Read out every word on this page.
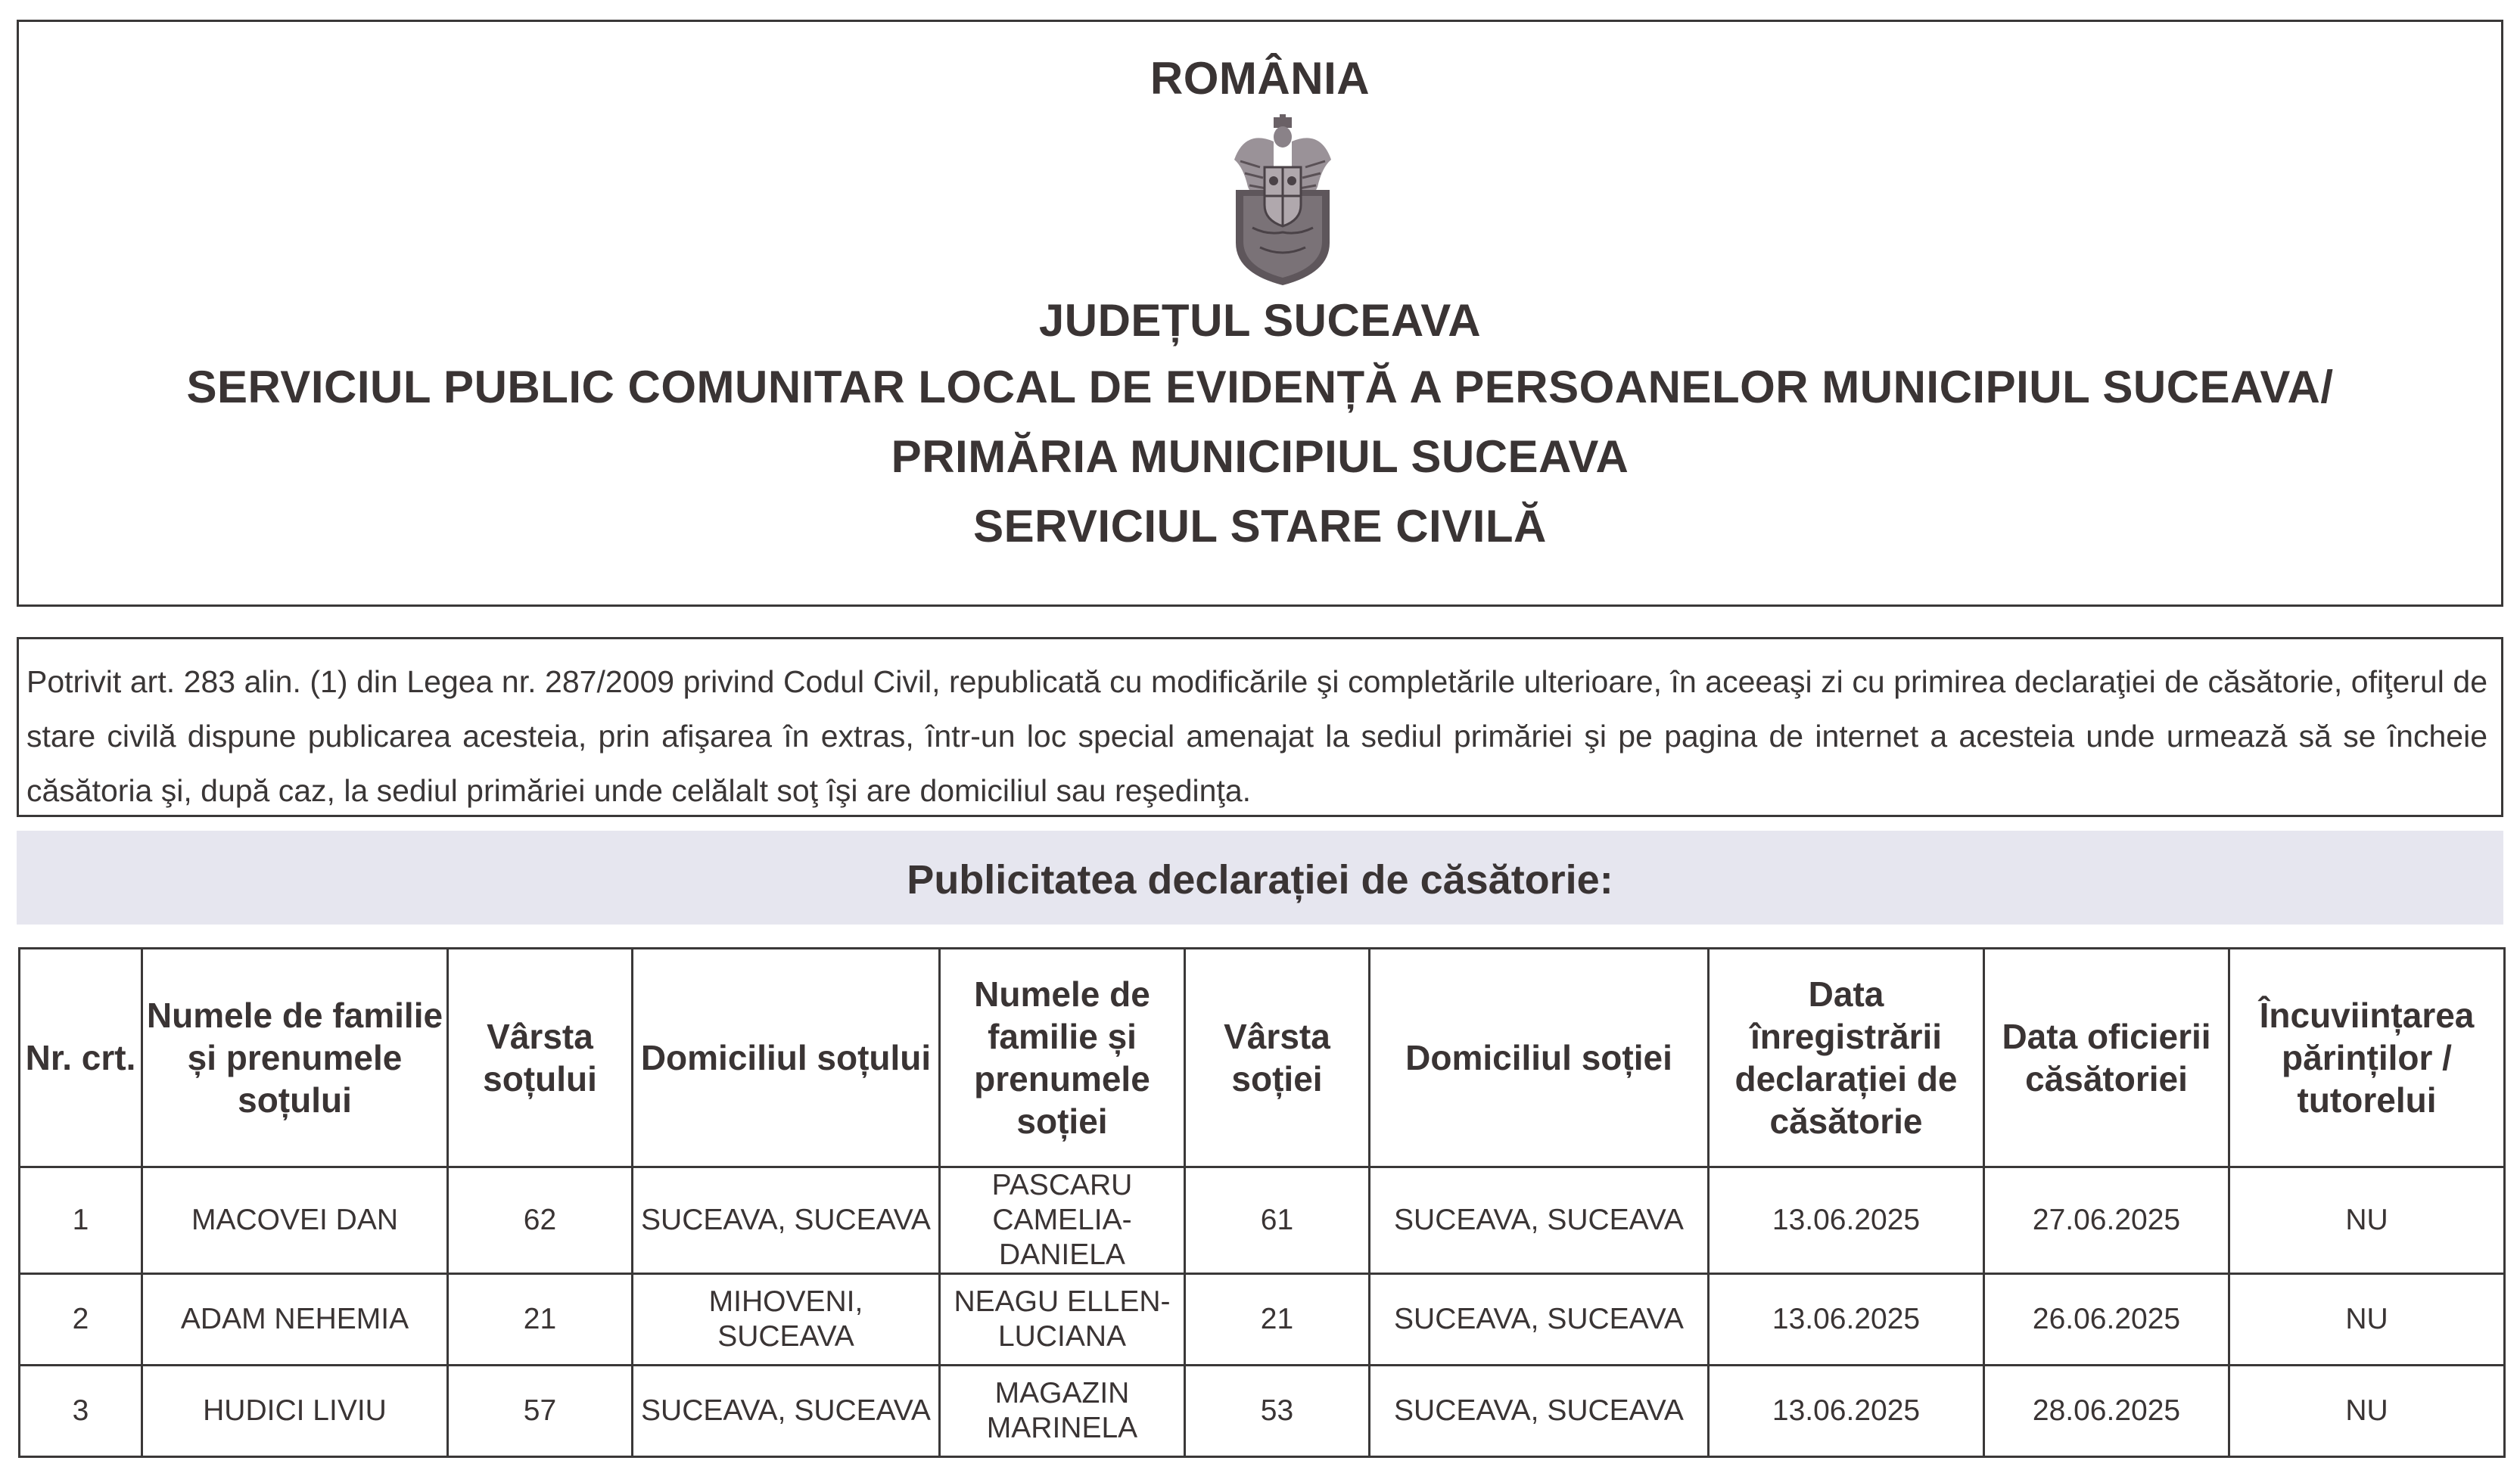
ROMÂNIA
JUDEȚUL SUCEAVA
SERVICIUL PUBLIC COMUNITAR LOCAL DE EVIDENȚĂ A PERSOANELOR MUNICIPIUL SUCEAVA/
PRIMĂRIA MUNICIPIUL SUCEAVA
SERVICIUL STARE CIVILĂ
Potrivit art. 283 alin. (1) din Legea nr. 287/2009 privind Codul Civil, republicată cu modificările şi completările ulterioare, în aceeaşi zi cu primirea declaraţiei de căsătorie, ofiţerul de stare civilă dispune publicarea acesteia, prin afişarea în extras, într-un loc special amenajat la sediul primăriei şi pe pagina de internet a acesteia unde urmează să se încheie căsătoria şi, după caz, la sediul primăriei unde celălalt soţ îşi are domiciliul sau reşedinţa.
Publicitatea declarației de căsătorie:
Nr. crt.	Numele de familie și prenumele soțului	Vârsta soțului	Domiciliul soțului	Numele de familie și prenumele soției	Vârsta soției	Domiciliul soției	Data înregistrării declarației de căsătorie	Data oficierii căsătoriei	Încuviințarea părinților / tutorelui
1	MACOVEI DAN	62	SUCEAVA, SUCEAVA	PASCARU CAMELIA-DANIELA	61	SUCEAVA, SUCEAVA	13.06.2025	27.06.2025	NU
2	ADAM NEHEMIA	21	MIHOVENI, SUCEAVA	NEAGU ELLEN-LUCIANA	21	SUCEAVA, SUCEAVA	13.06.2025	26.06.2025	NU
3	HUDICI LIVIU	57	SUCEAVA, SUCEAVA	MAGAZIN MARINELA	53	SUCEAVA, SUCEAVA	13.06.2025	28.06.2025	NU
